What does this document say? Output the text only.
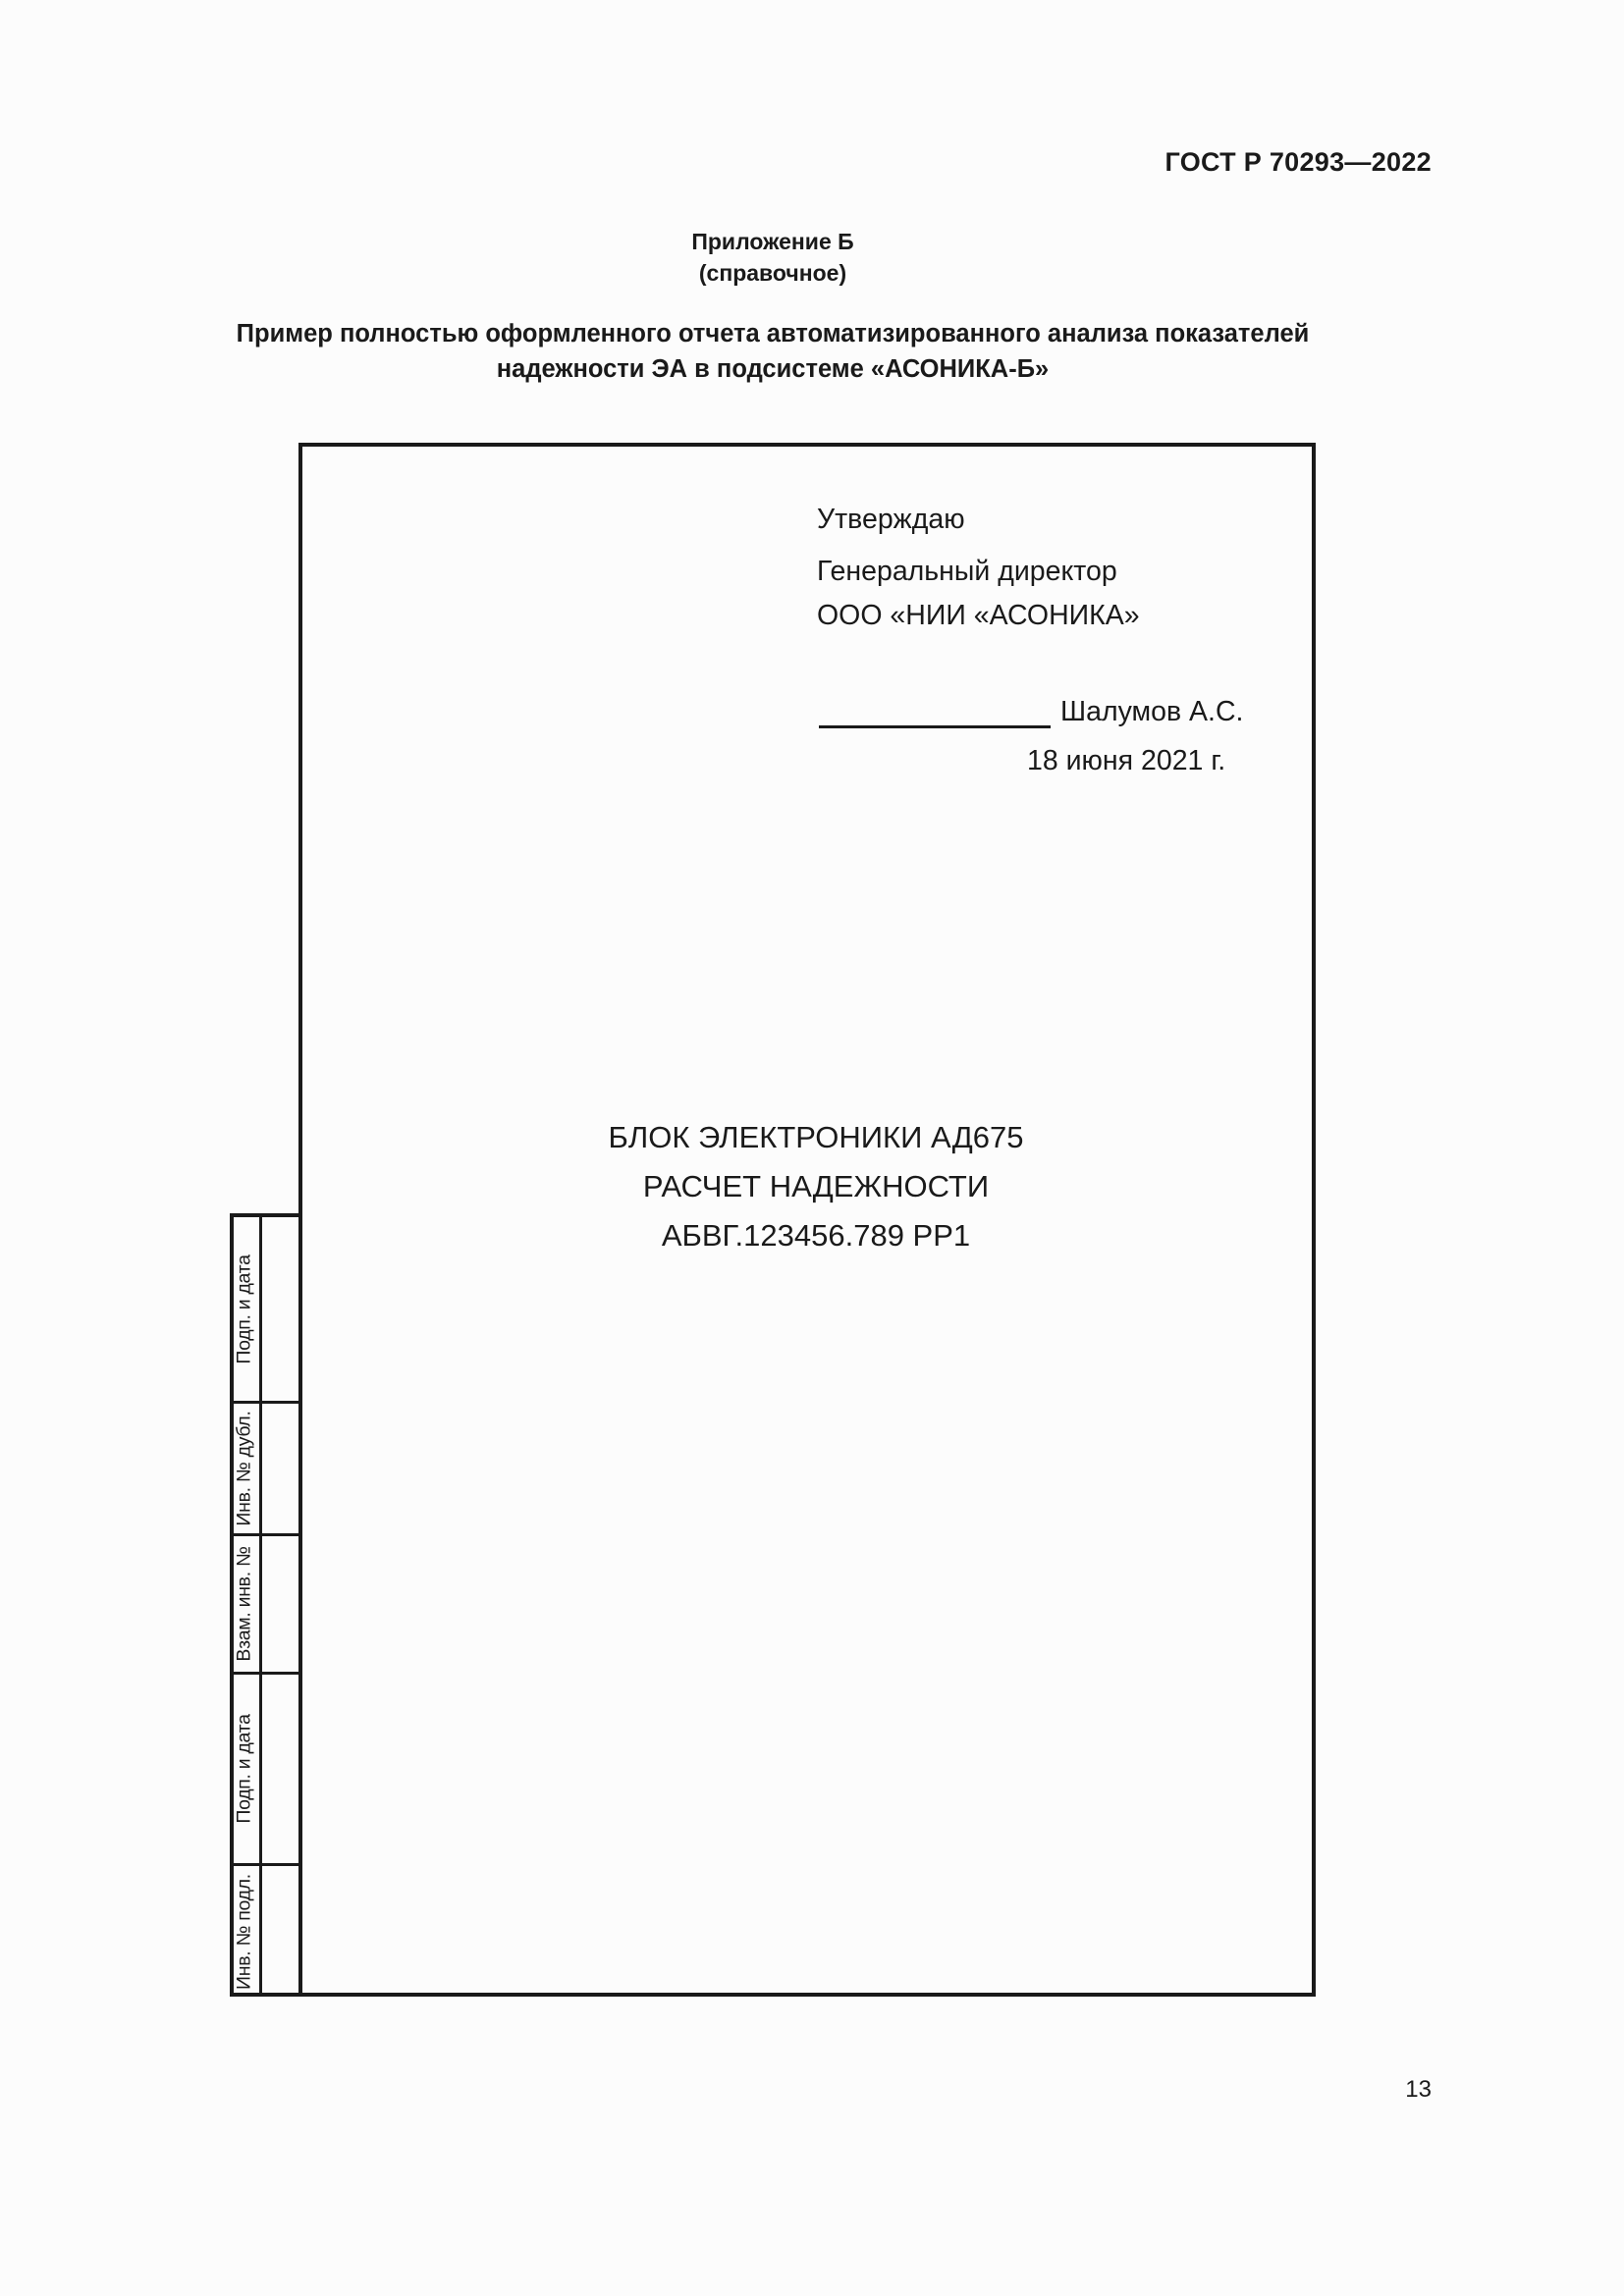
ГОСТ Р 70293—2022
Приложение Б
(справочное)
Пример полностью оформленного отчета автоматизированного анализа показателей
надежности ЭА в подсистеме «АСОНИКА-Б»
Утверждаю
Генеральный директор
ООО «НИИ «АСОНИКА»
Шалумов А.С.
18 июня 2021 г.
БЛОК ЭЛЕКТРОНИКИ АД675
РАСЧЕТ НАДЕЖНОСТИ
АБВГ.123456.789 РР1
Подп. и дата
Инв. № дубл.
Взам. инв. №
Подп. и дата
Инв. № подл.
13
